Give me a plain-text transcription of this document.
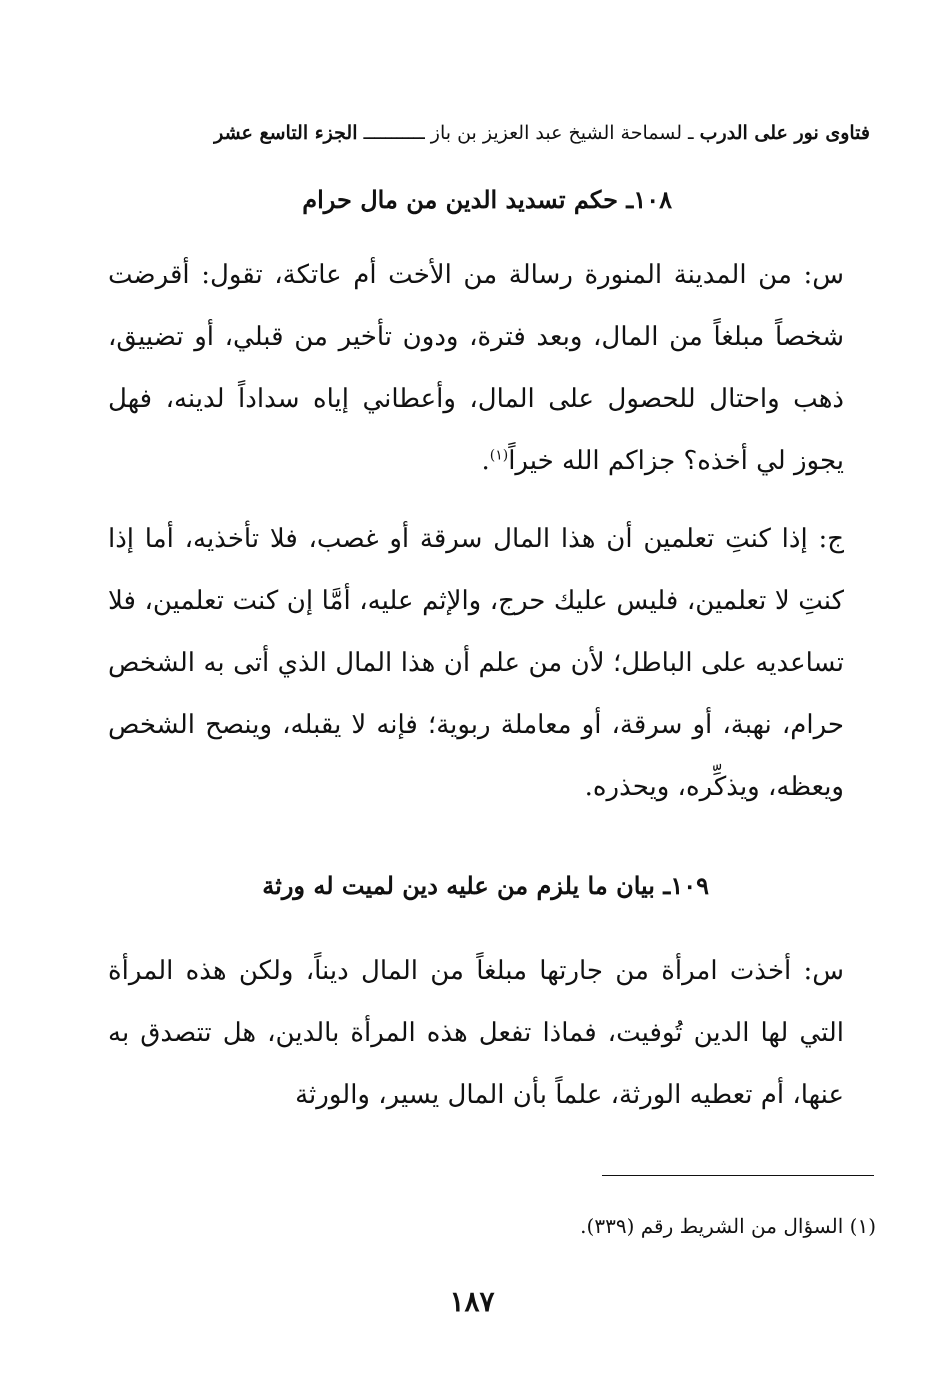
فتاوى نور على الدرب ـ لسماحة الشيخ عبد العزيز بن باز ـــــــــــ الجزء التاسع عشر
١٠٨ـ حكم تسديد الدين من مال حرام

س: من المدينة المنورة رسالة من الأخت أم عاتكة، تقول: أقرضت شخصاً مبلغاً من المال، وبعد فترة، ودون تأخير من قبلي، أو تضييق، ذهب واحتال للحصول على المال، وأعطاني إياه سداداً لدينه، فهل يجوز لي أخذه؟ جزاكم الله خيراً$^{(١)}$.

ج: إذا كنتِ تعلمين أن هذا المال سرقة أو غصب، فلا تأخذيه، أما إذا كنتِ لا تعلمين، فليس عليك حرج، والإثم عليه، أمَّا إن كنت تعلمين، فلا تساعديه على الباطل؛ لأن من علم أن هذا المال الذي أتى به الشخص حرام، نهبة، أو سرقة، أو معاملة ربوية؛ فإنه لا يقبله، وينصح الشخص ويعظه، ويذكِّره، ويحذره.

١٠٩ـ بيان ما يلزم من عليه دين لميت له ورثة

س: أخذت امرأة من جارتها مبلغاً من المال ديناً، ولكن هذه المرأة التي لها الدين تُوفيت، فماذا تفعل هذه المرأة بالدين، هل تتصدق به عنها، أم تعطيه الورثة، علماً بأن المال يسير، والورثة

(١) السؤال من الشريط رقم (٣٣٩).
١٨٧
